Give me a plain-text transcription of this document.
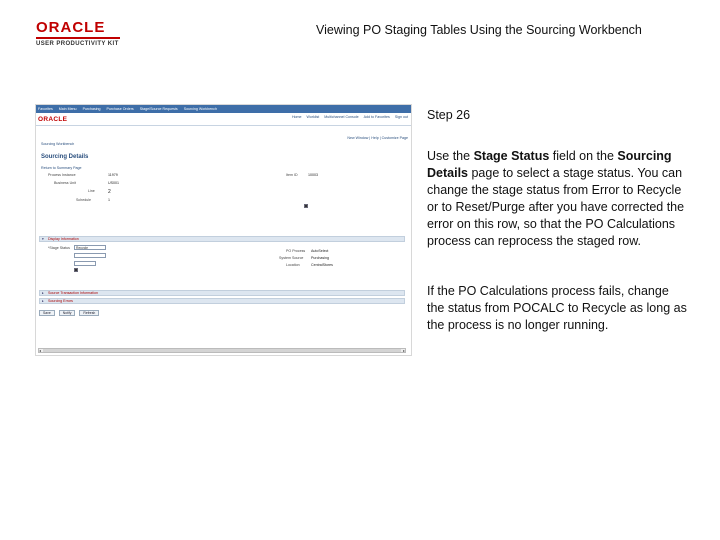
ORACLE
USER PRODUCTIVITY KIT
Viewing PO Staging Tables Using the Sourcing Workbench
Favorites Main Menu Purchasing Purchase Orders Stage/Source Requests Sourcing Workbench
ORACLE	Home Worklist Multichannel Console Add to Favorites Sign out
New Window | Help | Customize Page
Sourcing Workbench
Sourcing Details
Return to Summary Page
Process Instance	11979
Business Unit	US001
Line	2
Schedule	1
Item ID	10003
PO Process AutoSelect
System Source Purchasing
Location	CentralStores
▾ Display Information
*Stage Status	Recycle
▸ Source Transaction Information
▸ Sourcing Errors
Save	Notify	Refresh
◂	▸
Step 26

Use the Stage Status field on the Sourcing Details page to select a stage status. You can change the stage status from Error to Recycle or to Reset/Purge after you have corrected the error on this row, so that the PO Calculations process can reprocess the staged row.

If the PO Calculations process fails, change the status from POCALC to Recycle as long as the process is no longer running.
